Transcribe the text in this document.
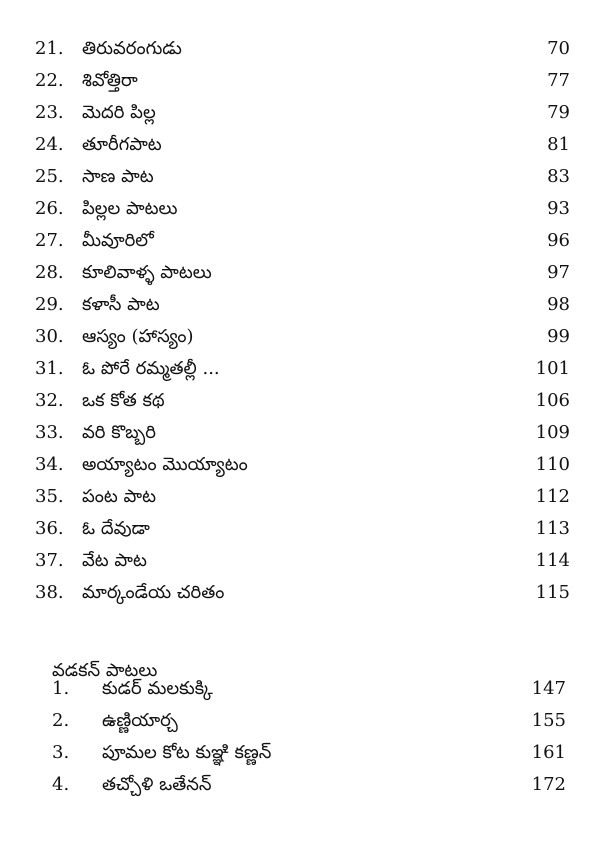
21.	తిరువరంగుడు	70
22.	శివోత్తిరా	77
23.	మెదరి పిల్ల	79
24.	తూరీగపాట	81
25.	సాణ పాట	83
26.	పిల్లల పాటలు	93
27.	మీవూరిలో	96
28.	కూలివాళ్ళ పాటలు	97
29.	కళాసీ పాట	98
30.	ఆస్యం (హాస్యం)	99
31.	ఓ పోరే రమ్మతల్లీ ...	101
32.	ఒక కోత కథ	106
33.	వరి కొబ్బరి	109
34.	అయ్యాటం మొయ్యాటం	110
35.	పంట పాట	112
36.	ఓ దేవుడా	113
37.	వేట పాట	114
38.	మార్కండేయ చరితం	115
వడకన్ పాటలు
1.	కుడర్ మలకుక్కి	147
2.	ఉణ్ణియార్చ	155
3.	పూమల కోట కుఞ్ఞి కణ్ణన్	161
4.	తచ్చోళి ఒతేనన్	172
